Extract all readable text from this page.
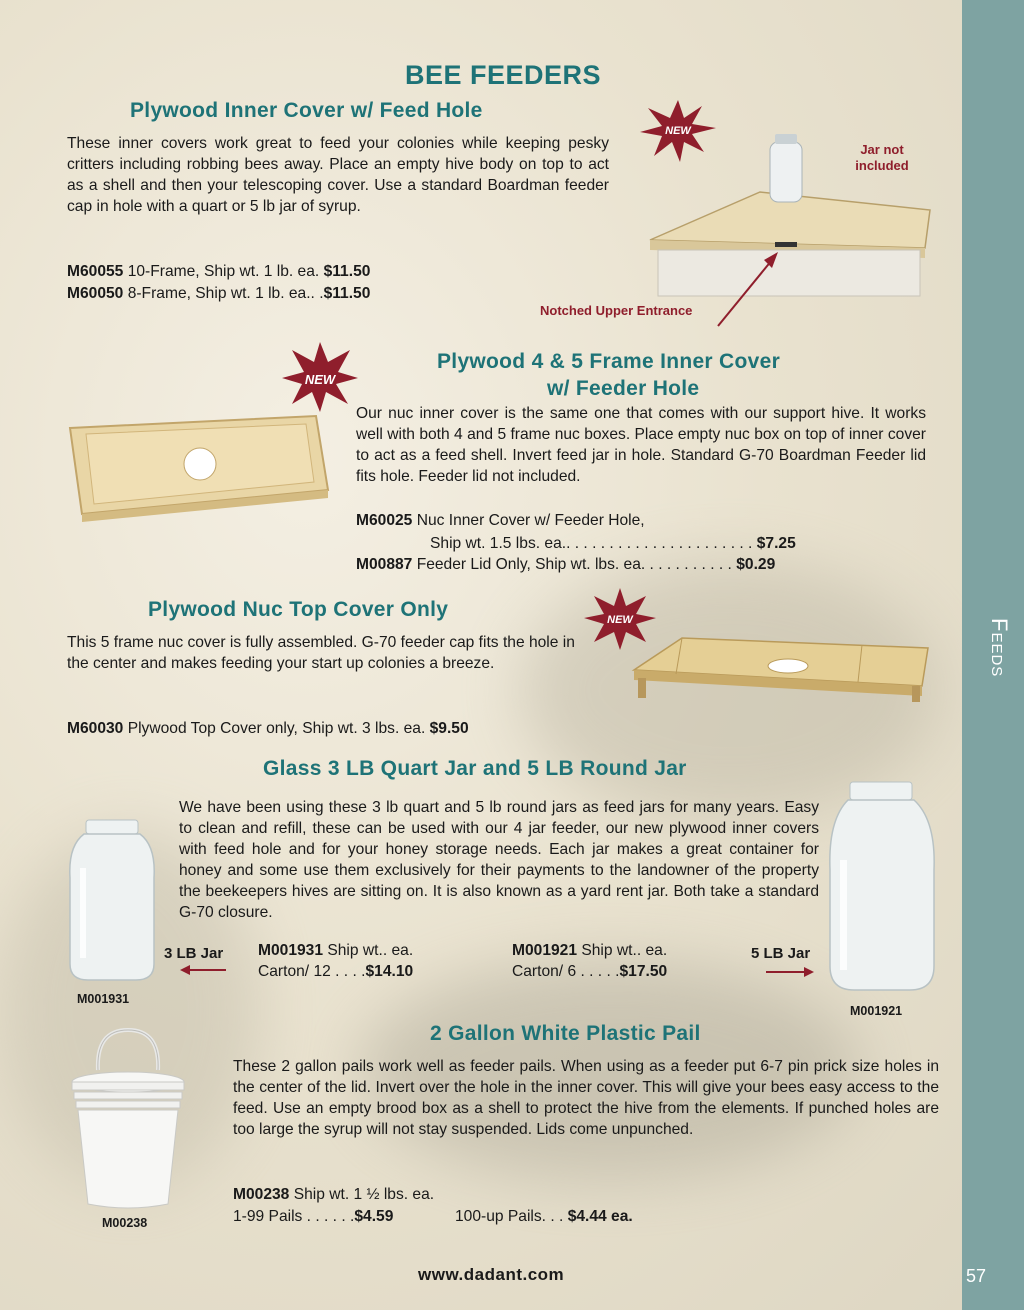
Feeds
57
BEE FEEDERS
Plywood Inner Cover w/ Feed Hole
These inner covers work great to feed your colonies while keeping pesky critters including robbing bees away. Place an empty hive body on top to act as a shell and then your telescoping cover. Use a standard Boardman feeder cap in hole with a quart or 5 lb jar of syrup.
M60055 10-Frame, Ship wt. 1 lb. ea. $11.50
M60050 8-Frame, Ship wt. 1 lb. ea.. .$11.50
NEW
Jar not included
Notched Upper Entrance
Plywood 4 & 5 Frame Inner Cover
w/ Feeder Hole
NEW
Our nuc inner cover is the same one that comes with our support hive. It works well with both 4 and 5 frame nuc boxes. Place empty nuc box on top of inner cover to act as a feed shell. Invert feed jar in hole. Standard G-70 Boardman Feeder lid fits hole. Feeder lid not included.
M60025 Nuc Inner Cover w/ Feeder Hole,
Ship wt. 1.5 lbs. ea.. . . . . . . . . . . . . . . . . . . . . . $7.25
M00887 Feeder Lid Only, Ship wt. lbs. ea. . . . . . . . . . . $0.29
Plywood Nuc Top Cover Only
This 5 frame nuc cover is fully assembled. G-70 feeder cap fits the hole in the center and makes feeding your start up colonies a breeze.
M60030 Plywood Top Cover only, Ship wt. 3 lbs. ea. $9.50
NEW
Glass 3 LB Quart Jar and 5 LB Round Jar
We have been using these 3 lb quart and 5 lb round jars as feed jars for many years. Easy to clean and refill, these can be used with our 4 jar feeder, our new plywood inner covers with feed hole and for your honey storage needs. Each jar makes a great container for honey and some use them exclusively for their payments to the landowner of the property the beekeepers hives are sitting on. It is also known as a yard rent jar. Both take a standard G-70 closure.
M001931
3 LB Jar M001931 Ship wt.. ea.
Carton/ 12 . . . .$14.10
M001921 Ship wt.. ea.
Carton/ 6 . . . . .$17.50
5 LB Jar
M001921
2 Gallon White Plastic Pail
These 2 gallon pails work well as feeder pails. When using as a feeder put 6-7 pin prick size holes in the center of the lid. Invert over the hole in the inner cover. This will give your bees easy access to the feed. Use an empty brood box as a shell to protect the hive from the elements. If punched holes are too large the syrup will not stay suspended. Lids come unpunched.
M00238
M00238 Ship wt. 1 ½ lbs. ea.
1-99 Pails . . . . . .$4.59	100-up Pails. . . $4.44 ea.
www.dadant.com
